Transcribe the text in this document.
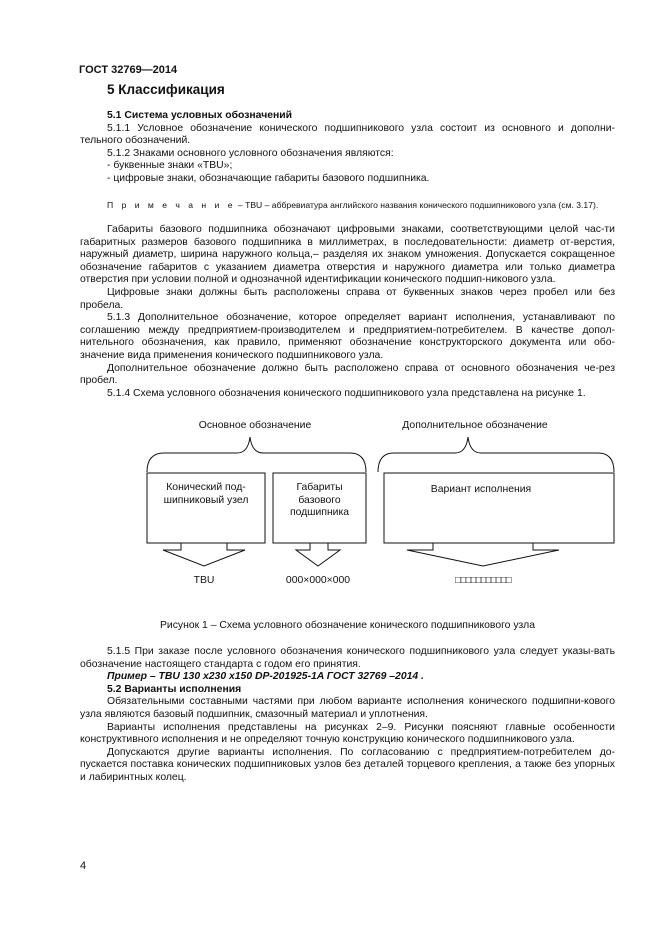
ГОСТ 32769—2014
5 Классификация

5.1 Система условных обозначений

5.1.1 Условное обозначение конического подшипникового узла состоит из основного и дополни-тельного обозначений.

5.1.2 Знаками основного условного обозначения являются:

- буквенные знаки «TBU»;

- цифровые знаки, обозначающие габариты базового подшипника.

П р и м е ч а н и е – TBU – аббревиатура английского названия конического подшипникового узла (см. 3.17).

Габариты базового подшипника обозначают цифровыми знаками, соответствующими целой час-ти габаритных размеров базового подшипника в миллиметрах, в последовательности: диаметр от-верстия, наружный диаметр, ширина наружного кольца,– разделяя их знаком умножения. Допускается сокращенное обозначение габаритов с указанием диаметра отверстия и наружного диаметра или только диаметра отверстия при условии полной и однозначной идентификации конического подшип-никового узла.

Цифровые знаки должны быть расположены справа от буквенных знаков через пробел или без пробела.

5.1.3 Дополнительное обозначение, которое определяет вариант исполнения, устанавливают по соглашению между предприятием-производителем и предприятием-потребителем. В качестве допол-нительного обозначения, как правило, применяют обозначение конструкторского документа или обо-значение вида применения конического подшипникового узла.

Дополнительное обозначение должно быть расположено справа от основного обозначения че-рез пробел.

5.1.4 Схема условного обозначения конического подшипникового узла представлена на рисунке 1.

Основное обозначение	Дополнительное обозначение
Конический под-шипниковый узел
Габариты базового подшипника
Вариант исполнения
TBU	000×000×000	□□□□□□□□□□□
Рисунок 1 – Схема условного обозначение конического подшипникового узла

5.1.5 При заказе после условного обозначения конического подшипникового узла следует указы-вать обозначение настоящего стандарта с годом его принятия.

Пример – TBU 130 х230 х150 DP-201925-1A ГОСТ 32769 –2014 .

5.2 Варианты исполнения

Обязательными составными частями при любом варианте исполнения конического подшипни-кового узла являются базовый подшипник, смазочный материал и уплотнения.

Варианты исполнения представлены на рисунках 2–9. Рисунки поясняют главные особенности конструктивного исполнения и не определяют точную конструкцию конического подшипникового узла.

Допускаются другие варианты исполнения. По согласованию с предприятием-потребителем до-пускается поставка конических подшипниковых узлов без деталей торцевого крепления, а также без упорных и лабиринтных колец.

4
